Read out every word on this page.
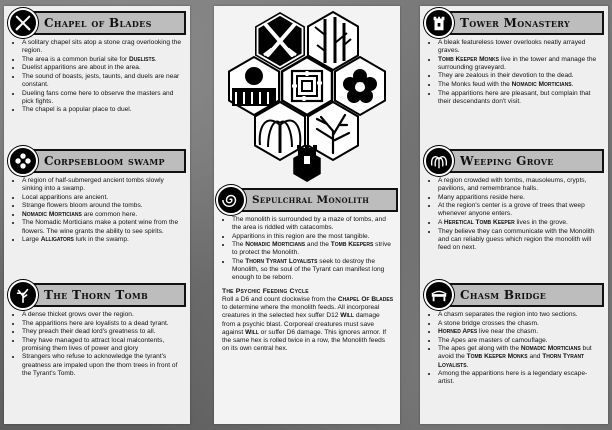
Chapel of Blades
• A solitary chapel sits atop a stone crag overlooking the region.
• The area is a common burial site for Duelists.
• Duelist apparitions are about in the area.
• The sound of boasts, jests, taunts, and duels are near constant.
• Dueling fans come here to observe the masters and pick fights.
• The chapel is a popular place to duel.
Corpsebloom swamp
• A region of half-submerged ancient tombs slowly sinking into a swamp.
• Local apparitions are ancient.
• Strange flowers bloom around the tombs.
• Nomadic Morticians are common here.
• The Nomadic Morticians make a potent wine from the flowers. The wine grants the ability to see spirits.
• Large Alligators lurk in the swamp.
The Thorn Tomb
• A dense thicket grows over the region.
• The apparitions here are loyalists to a dead tyrant.
• They preach their dead lord's greatness to all.
• They have managed to attract local malcontents, promising them lives of power and glory
• Strangers who refuse to acknowledge the tyrant's greatness are impaled upon the thorn trees in front of the Tyrant's Tomb.
Sepulchral Monolith
• The monolith is surrounded by a maze of tombs, and the area is riddled with catacombs.
• Apparitions in this region are the most tangible.
• The Nomadic Morticians and the Tomb Keepers strive to protect the Monolith.
• The Thorn Tyrant Loyalists seek to destroy the Monolith, so the soul of the Tyrant can manifest long enough to be reborn.
The Psychic Feeding Cycle
Roll a D6 and count clockwise from the Chapel Of Blades to determine where the monolith feeds. All incorporeal creatures in the selected hex suffer D12 Will damage from a psychic blast. Corporeal creatures must save against Will or suffer D6 damage. This ignores armor. If the same hex is rolled twice in a row, the Monolith feeds on its own central hex.
Tower Monastery
• A bleak featureless tower overlooks neatly arrayed graves.
• Tomb Keeper Monks live in the tower and manage the surrounding graveyard.
• They are zealous in their devotion to the dead.
• The Monks feud with the Nomadic Morticians.
• The apparitions here are pleasant, but complain that their descendants don't visit.
Weeping Grove
• A region crowded with tombs, mausoleums, crypts, pavilions, and remembrance halls.
• Many apparitions reside here.
• At the region's center is a grove of trees that weep whenever anyone enters.
• A Heretical Tomb Keeper lives in the grove.
• They believe they can communicate with the Monolith and can reliably guess which region the monolith will feed on next.
Chasm Bridge
• A chasm separates the region into two sections.
• A stone bridge crosses the chasm.
• Horned Apes live near the chasm.
• The Apes are masters of camouflage.
• The apes get along with the Nomadic Morticians but avoid the Tomb Keeper Monks and Thorn Tyrant Loyalists.
• Among the apparitions here is a legendary escape-artist.
